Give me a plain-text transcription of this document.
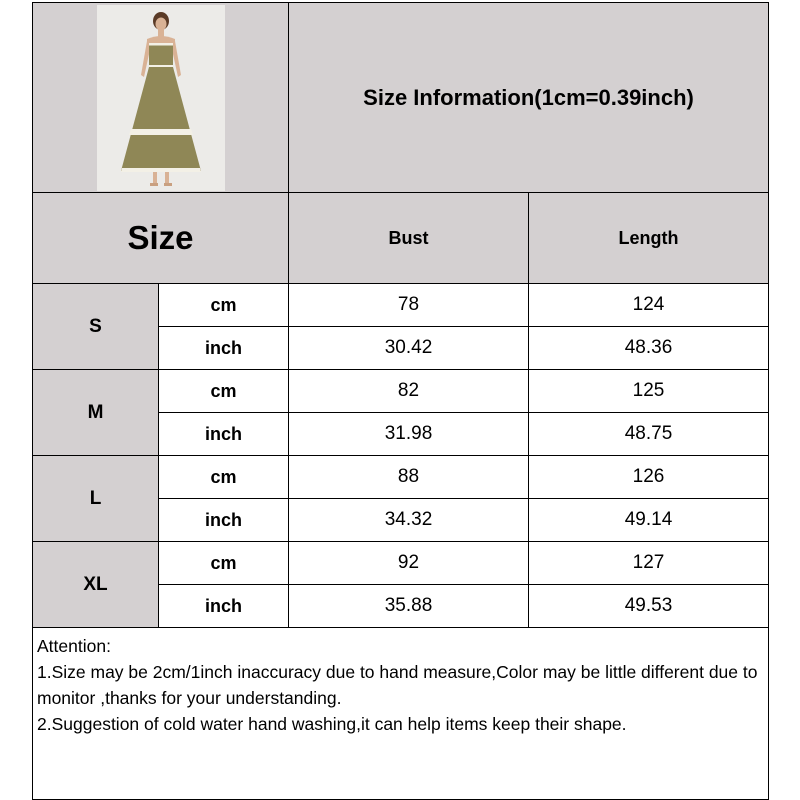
	Size Information(1cm=0.39inch)	
Size		Bust	Length
S	cm	78	124
	inch	30.42	48.36
M	cm	82	125
	inch	31.98	48.75
L	cm	88	126
	inch	34.32	49.14
XL	cm	92	127
	inch	35.88	49.53

Attention:
1.Size may be 2cm/1inch inaccuracy due to hand measure,Color may be little different due to monitor ,thanks for your understanding.
2.Suggestion of cold water hand washing,it can help items keep their shape.			
